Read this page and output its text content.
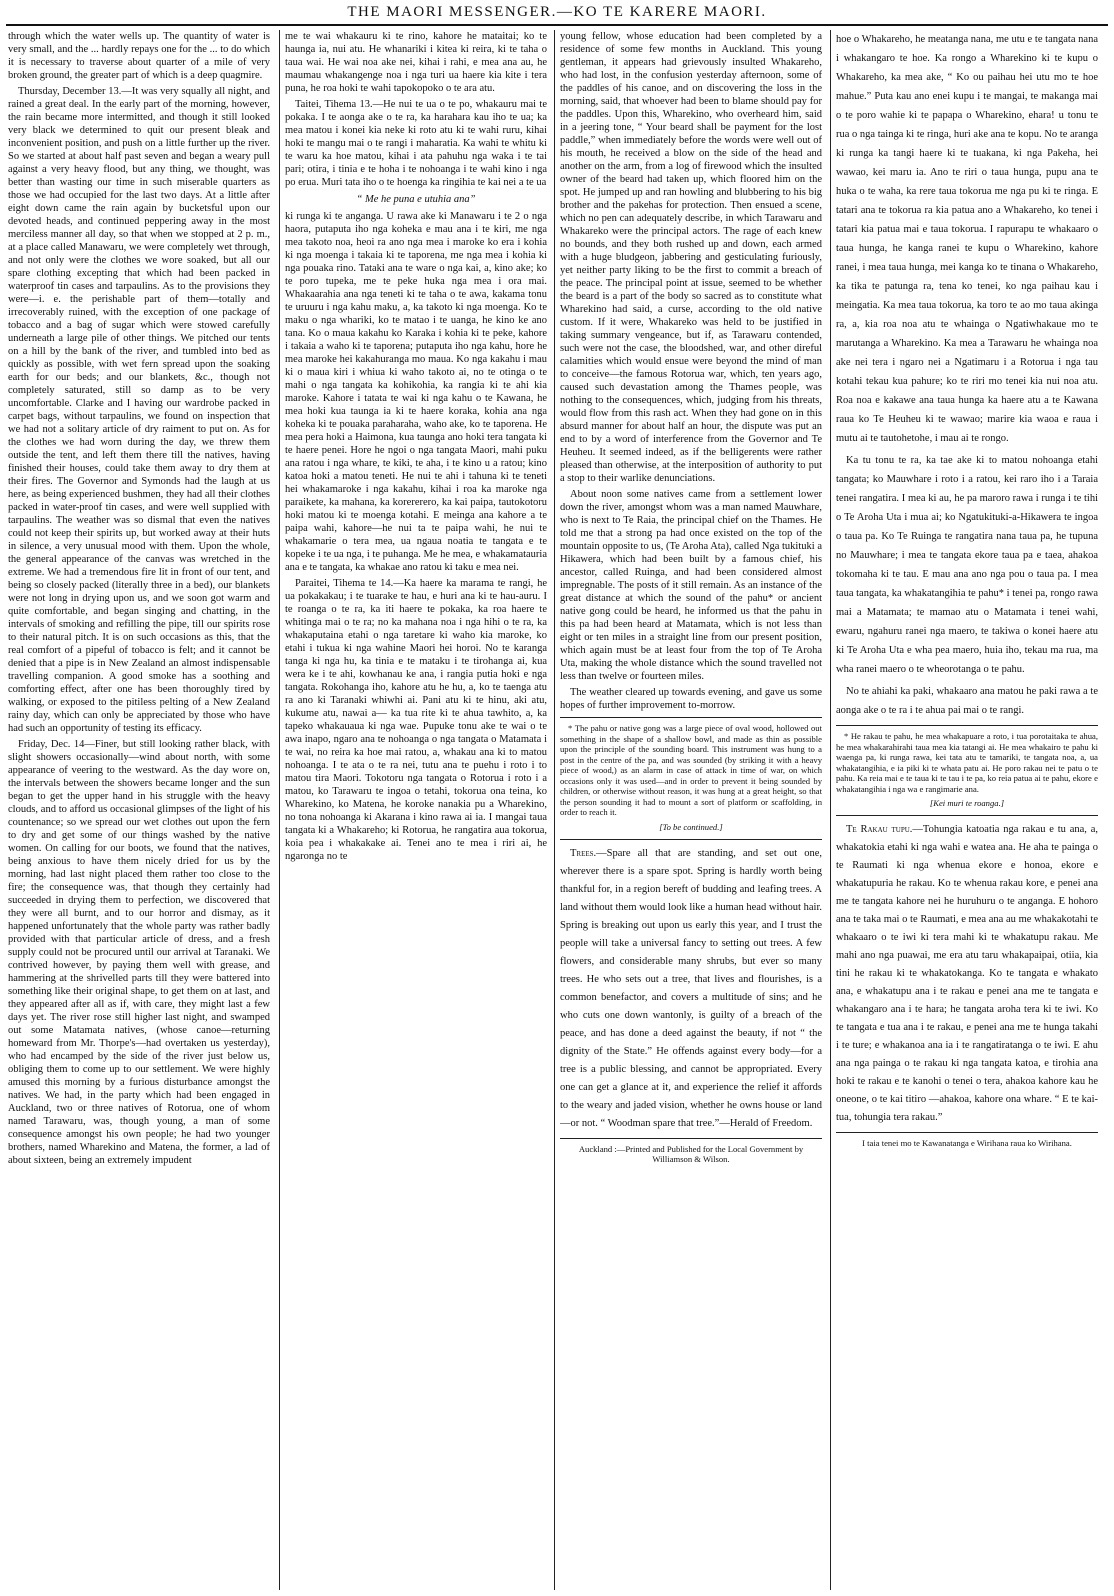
THE MAORI MESSENGER.—KO TE KARERE MAORI.

through which the water wells up. The quantity of water is very small, and the ... hardly repays one for the ... to do which it is necessary to traverse about quarter of a mile of very broken ground, the greater part of which is a deep quagmire.

Thursday, December 13.—It was very squally all night, and rained a great deal. In the early part of the morning, however, the rain became more intermitted, and though it still looked very black we determined to quit our present bleak and inconvenient position, and push on a little further up the river. So we started at about half past seven and began a weary pull against a very heavy flood, but any thing, we thought, was better than wasting our time in such miserable quarters as those we had occupied for the last two days. At a little after eight down came the rain again by bucketsful upon our devoted heads, and continued peppering away in the most merciless manner all day, so that when we stopped at 2 p. m., at a place called Manawaru, we were completely wet through, and not only were the clothes we wore soaked, but all our spare clothing excepting that which had been packed in waterproof tin cases and tarpaulins. As to the provisions they were—i. e. the perishable part of them—totally and irrecoverably ruined, with the exception of one package of tobacco and a bag of sugar which were stowed carefully underneath a large pile of other things. We pitched our tents on a hill by the bank of the river, and tumbled into bed as quickly as possible, with wet fern spread upon the soaking earth for our beds; and our blankets, &c., though not completely saturated, still so damp as to be very uncomfortable. Clarke and I having our wardrobe packed in carpet bags, without tarpaulins, we found on inspection that we had not a solitary article of dry raiment to put on. As for the clothes we had worn during the day, we threw them outside the tent, and left them there till the natives, having finished their houses, could take them away to dry them at their fires. The Governor and Symonds had the laugh at us here, as being experienced bushmen, they had all their clothes packed in water-proof tin cases, and were well supplied with tarpaulins. The weather was so dismal that even the natives could not keep their spirits up, but worked away at their huts in silence, a very unusual mood with them. Upon the whole, the general appearance of the canvas was wretched in the extreme. We had a tremendous fire lit in front of our tent, and being so closely packed (literally three in a bed), our blankets were not long in drying upon us, and we soon got warm and quite comfortable, and began singing and chatting, in the intervals of smoking and refilling the pipe, till our spirits rose to their natural pitch. It is on such occasions as this, that the real comfort of a pipeful of tobacco is felt; and it cannot be denied that a pipe is in New Zealand an almost indispensable travelling companion. A good smoke has a soothing and comforting effect, after one has been thoroughly tired by walking, or exposed to the pitiless pelting of a New Zealand rainy day, which can only be appreciated by those who have had such an opportunity of testing its efficacy.

Friday, Dec. 14—Finer, but still looking rather black, with slight showers occasionally—wind about north, with some appearance of veering to the westward. As the day wore on, the intervals between the showers became longer and the sun began to get the upper hand in his struggle with the heavy clouds, and to afford us occasional glimpses of the light of his countenance; so we spread our wet clothes out upon the fern to dry and get some of our things washed by the native women. On calling for our boots, we found that the natives, being anxious to have them nicely dried for us by the morning, had last night placed them rather too close to the fire; the consequence was, that though they certainly had succeeded in drying them to perfection, we discovered that they were all burnt, and to our horror and dismay, as it happened unfortunately that the whole party was rather badly provided with that particular article of dress, and a fresh supply could not be procured until our arrival at Taranaki. We contrived however, by paying them well with grease, and hammering at the shrivelled parts till they were battered into something like their original shape, to get them on at last, and they appeared after all as if, with care, they might last a few days yet. The river rose still higher last night, and swamped out some Matamata natives, (whose canoe—returning homeward from Mr. Thorpe's—had overtaken us yesterday), who had encamped by the side of the river just below us, obliging them to come up to our settlement. We were highly amused this morning by a furious disturbance amongst the natives. We had, in the party which had been engaged in Auckland, two or three natives of Rotorua, one of whom named Tarawaru, was, though young, a man of some consequence amongst his own people; he had two younger brothers, named Wharekino and Matena, the former, a lad of about sixteen, being an extremely impudent

me te wai whakauru ki te rino, kahore he mataitai; ko te haunga ia, nui atu. He whanariki i kitea ki reira, ki te taha o taua wai. He wai noa ake nei, kihai i rahi, e mea ana au, he maumau whakangenge noa i nga turi ua haere kia kite i tera puna, he roa hoki te wahi tapokopoko o te ara atu.

Taitei, Tihema 13.—He nui te ua o te po, whakauru mai te pokaka. I te aonga ake o te ra, ka harahara kau iho te ua; ka mea matou i konei kia neke ki roto atu ki te wahi ruru, kihai hoki te mangu mai o te rangi i maharatia. Ka wahi te whitu ki te waru ka hoe matou, kihai i ata pahuhu nga waka i te tai pari; otira, i tinia e te hoha i te nohoanga i te wahi kino i nga po erua. Muri tata iho o te hoenga ka ringihia te kai nei a te ua

“ Me he puna e utuhia ana”

ki runga ki te anganga. U rawa ake ki Manawaru i te 2 o nga haora, putaputa iho nga koheka e mau ana i te kiri, me nga mea takoto noa, heoi ra ano nga mea i maroke ko era i kohia ki nga moenga i takaia ki te taporena, me nga mea i kohia ki nga pouaka rino. Tataki ana te ware o nga kai, a, kino ake; ko te poro tupeka, me te peke huka nga mea i ora mai. Whakaarahia ana nga teneti ki te taha o te awa, kakama tonu te uruuru i nga kahu maku, a, ka takoto ki nga moenga. Ko te maku o nga whariki, ko te matao i te uanga, he kino ke ano tana. Ko o maua kakahu ko Karaka i kohia ki te peke, kahore i takaia a waho ki te taporena; putaputa iho nga kahu, hore he mea maroke hei kakahuranga mo maua. Ko nga kakahu i mau ki o maua kiri i whiua ki waho takoto ai, no te otinga o te mahi o nga tangata ka kohikohia, ka rangia ki te ahi kia maroke. Kahore i tatata te wai ki nga kahu o te Kawana, he mea hoki kua taunga ia ki te haere koraka, kohia ana nga koheka ki te pouaka paraharaha, waho ake, ko te taporena. He mea pera hoki a Haimona, kua taunga ano hoki tera tangata ki te haere penei. Hore he ngoi o nga tangata Maori, mahi puku ana ratou i nga whare, te kiki, te aha, i te kino u a ratou; kino katoa hoki a matou teneti. He nui te ahi i tahuna ki te teneti hei whakamaroke i nga kakahu, kihai i roa ka maroke nga paraikete, ka mahana, ka korererero, ka kai paipa, tautokotoru hoki matou ki te moenga kotahi. E meinga ana kahore a te paipa wahi, kahore—he nui ta te paipa wahi, he nui te whakamarie o tera mea, ua ngaua noatia te tangata e te kopeke i te ua nga, i te puhanga. Me he mea, e whakamatauria ana e te tangata, ka whakae ano ratou ki taku e mea nei.

Paraitei, Tihema te 14.—Ka haere ka marama te rangi, he ua pokakakau; i te tuarake te hau, e huri ana ki te hau-auru. I te roanga o te ra, ka iti haere te pokaka, ka roa haere te whitinga mai o te ra; no ka mahana noa i nga hihi o te ra, ka whakaputaina etahi o nga taretare ki waho kia maroke, ko etahi i tukua ki nga wahine Maori hei horoi. No te karanga tanga ki nga hu, ka tinia e te mataku i te tirohanga ai, kua wera ke i te ahi, kowhanau ke ana, i rangia putia hoki e nga tangata. Rokohanga iho, kahore atu he hu, a, ko te taenga atu ra ano ki Taranaki whiwhi ai. Pani atu ki te hinu, aki atu, kukume atu, nawai a— ka tua rite ki te ahua tawhito, a, ka tapeko whakauaua ki nga wae. Pupuke tonu ake te wai o te awa inapo, ngaro ana te nohoanga o nga tangata o Matamata i te wai, no reira ka hoe mai ratou, a, whakau ana ki to matou nohoanga. I te ata o te ra nei, tutu ana te puehu i roto i to matou tira Maori. Tokotoru nga tangata o Rotorua i roto i a matou, ko Tarawaru te ingoa o tetahi, tokorua ona teina, ko Wharekino, ko Matena, he koroke nanakia pu a Wharekino, no tona nohoanga ki Akarana i kino rawa ai ia. I mangai taua tangata ki a Whakareho; ki Rotorua, he rangatira aua tokorua, koia pea i whakakake ai. Tenei ano te mea i riri ai, he ngaronga no te

young fellow, whose education had been completed by a residence of some few months in Auckland. This young gentleman, it appears had grievously insulted Whakareho, who had lost, in the confusion yesterday afternoon, some of the paddles of his canoe, and on discovering the loss in the morning, said, that whoever had been to blame should pay for the paddles. Upon this, Wharekino, who overheard him, said in a jeering tone, “ Your beard shall be payment for the lost paddle,” when immediately before the words were well out of his mouth, he received a blow on the side of the head and another on the arm, from a log of firewood which the insulted owner of the beard had taken up, which floored him on the spot. He jumped up and ran howling and blubbering to his big brother and the pakehas for protection. Then ensued a scene, which no pen can adequately describe, in which Tarawaru and Whakareko were the principal actors. The rage of each knew no bounds, and they both rushed up and down, each armed with a huge bludgeon, jabbering and gesticulating furiously, yet neither party liking to be the first to commit a breach of the peace. The principal point at issue, seemed to be whether the beard is a part of the body so sacred as to constitute what Wharekino had said, a curse, according to the old native custom. If it were, Whakareko was held to be justified in taking summary vengeance, but if, as Tarawaru contended, such were not the case, the bloodshed, war, and other direful calamities which would ensue were beyond the mind of man to conceive—the famous Rotorua war, which, ten years ago, caused such devastation among the Thames people, was nothing to the consequences, which, judging from his threats, would flow from this rash act. When they had gone on in this absurd manner for about half an hour, the dispute was put an end to by a word of interference from the Governor and Te Heuheu. It seemed indeed, as if the belligerents were rather pleased than otherwise, at the interposition of authority to put a stop to their warlike denunciations.

About noon some natives came from a settlement lower down the river, amongst whom was a man named Mauwhare, who is next to Te Raia, the principal chief on the Thames. He told me that a strong pa had once existed on the top of the mountain opposite to us, (Te Aroha Ata), called Nga tukituki a Hikawera, which had been built by a famous chief, his ancestor, called Ruinga, and had been considered almost impregnable. The posts of it still remain. As an instance of the great distance at which the sound of the pahu* or ancient native gong could be heard, he informed us that the pahu in this pa had been heard at Matamata, which is not less than eight or ten miles in a straight line from our present position, which again must be at least four from the top of Te Aroha Uta, making the whole distance which the sound travelled not less than twelve or fourteen miles.

The weather cleared up towards evening, and gave us some hopes of further improvement to-morrow.

* The pahu or native gong was a large piece of oval wood, hollowed out something in the shape of a shallow bowl, and made as thin as possible upon the principle of the sounding board. This instrument was hung to a post in the centre of the pa, and was sounded (by striking it with a heavy piece of wood,) as an alarm in case of attack in time of war, on which occasions only it was used—and in order to prevent it being sounded by children, or otherwise without reason, it was hung at a great height, so that the person sounding it had to mount a sort of platform or scaffolding, in order to reach it.

[To be continued.]

Trees.—Spare all that are standing, and set out one, wherever there is a spare spot. Spring is hardly worth being thankful for, in a region bereft of budding and leafing trees. A land without them would look like a human head without hair. Spring is breaking out upon us early this year, and I trust the people will take a universal fancy to setting out trees. A few flowers, and considerable many shrubs, but ever so many trees. He who sets out a tree, that lives and flourishes, is a common benefactor, and covers a multitude of sins; and he who cuts one down wantonly, is guilty of a breach of the peace, and has done a deed against the beauty, if not “ the dignity of the State.” He offends against every body—for a tree is a public blessing, and cannot be appropriated. Every one can get a glance at it, and experience the relief it affords to the weary and jaded vision, whether he owns house or land—or not. “ Woodman spare that tree.”—Herald of Freedom.

Auckland :—Printed and Published for the Local Government by Williamson & Wilson.

hoe o Whakareho, he meatanga nana, me utu e te tangata nana i whakangaro te hoe. Ka rongo a Wharekino ki te kupu o Whakareho, ka mea ake, “ Ko ou paihau hei utu mo te hoe mahue.” Puta kau ano enei kupu i te mangai, te makanga mai o te poro wahie ki te papapa o Wharekino, ehara! u tonu te rua o nga tainga ki te ringa, huri ake ana te kopu. No te aranga ki runga ka tangi haere ki te tuakana, ki nga Pakeha, hei wawao, kei maru ia. Ano te riri o taua hunga, pupu ana te huka o te waha, ka rere taua tokorua me nga pu ki te ringa. E tatari ana te tokorua ra kia patua ano a Whakareho, ko tenei i tatari kia patua mai e taua tokorua. I rapurapu te whakaaro o taua hunga, he kanga ranei te kupu o Wharekino, kahore ranei, i mea taua hunga, mei kanga ko te tinana o Whakareho, ka tika te patunga ra, tena ko tenei, ko nga paihau kau i meingatia. Ka mea taua tokorua, ka toro te ao mo taua akinga ra, a, kia roa noa atu te whainga o Ngatiwhakaue mo te marutanga a Wharekino. Ka mea a Tarawaru he whainga noa ake nei tera i ngaro nei a Ngatimaru i a Rotorua i nga tau kotahi tekau kua pahure; ko te riri mo tenei kia nui noa atu. Roa noa e kakawe ana taua hunga ka haere atu a te Kawana raua ko Te Heuheu ki te wawao; marire kia waoa e raua i mutu ai te tautohetohe, i mau ai te rongo.

Ka tu tonu te ra, ka tae ake ki to matou nohoanga etahi tangata; ko Mauwhare i roto i a ratou, kei raro iho i a Taraia tenei rangatira. I mea ki au, he pa maroro rawa i runga i te tihi o Te Aroha Uta i mua ai; ko Ngatukituki-a-Hikawera te ingoa o taua pa. Ko Te Ruinga te rangatira nana taua pa, he tupuna no Mauwhare; i mea te tangata ekore taua pa e taea, ahakoa tokomaha ki te tau. E mau ana ano nga pou o taua pa. I mea taua tangata, ka whakatangihia te pahu* i tenei pa, rongo rawa mai a Matamata; te mamao atu o Matamata i tenei wahi, ewaru, ngahuru ranei nga maero, te takiwa o konei haere atu ki Te Aroha Uta e wha pea maero, huia iho, tekau ma rua, ma wha ranei maero o te wheorotanga o te pahu.

No te ahiahi ka paki, whakaaro ana matou he paki rawa a te aonga ake o te ra i te ahua pai mai o te rangi.

* He rakau te pahu, he mea whakapuare a roto, i tua porotaitaka te ahua, he mea whakarahirahi taua mea kia tatangi ai. He mea whakairo te pahu ki waenga pa, ki runga rawa, kei tata atu te tamariki, te tangata noa, a, ua whakatangihia, e ia piki ki te whata patu ai. He poro rakau nei te patu o te pahu. Ka reia mai e te taua ki te tau i te pa, ko reia patua ai te pahu, ekore e whakatangihia i nga wa e rangimarie ana.

[Kei muri te roanga.]

Te Rakau tupu.—Tohungia katoatia nga rakau e tu ana, a, whakatokia etahi ki nga wahi e watea ana. He aha te painga o te Raumati ki nga whenua ekore e honoa, ekore e whakatupuria he rakau. Ko te whenua rakau kore, e penei ana me te tangata kahore nei he huruhuru o te anganga. E hohoro ana te taka mai o te Raumati, e mea ana au me whakakotahi te whakaaro o te iwi ki tera mahi ki te whakatupu rakau. Me mahi ano nga puawai, me era atu taru whakapaipai, otiia, kia tini he rakau ki te whakatokanga. Ko te tangata e whakato ana, e whakatupu ana i te rakau e penei ana me te tangata e whakangaro ana i te hara; he tangata aroha tera ki te iwi. Ko te tangata e tua ana i te rakau, e penei ana me te hunga takahi i te ture; e whakanoa ana ia i te rangatiratanga o te iwi. E ahu ana nga painga o te rakau ki nga tangata katoa, e tirohia ana hoki te rakau e te kanohi o tenei o tera, ahakoa kahore kau he oneone, o te kai titiro —ahakoa, kahore ona whare. “ E te kai-tua, tohungia tera rakau.”

I taia tenei mo te Kawanatanga e Wirihana raua ko Wirihana.
